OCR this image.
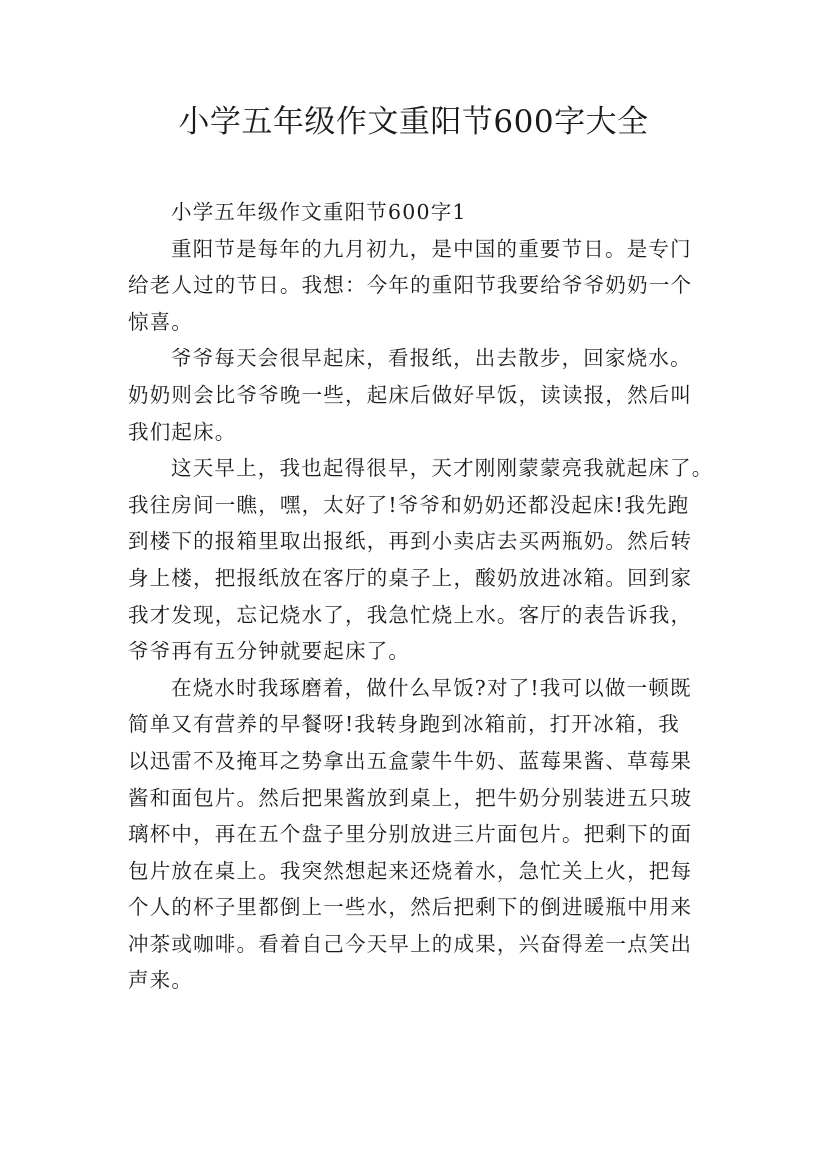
小学五年级作文重阳节600字大全
小学五年级作文重阳节600字1
重阳节是每年的九月初九，是中国的重要节日。是专门
给老人过的节日。我想：今年的重阳节我要给爷爷奶奶一个
惊喜。
爷爷每天会很早起床，看报纸，出去散步，回家烧水。
奶奶则会比爷爷晚一些，起床后做好早饭，读读报，然后叫
我们起床。
这天早上，我也起得很早，天才刚刚蒙蒙亮我就起床了。
我往房间一瞧，嘿，太好了!爷爷和奶奶还都没起床!我先跑
到楼下的报箱里取出报纸，再到小卖店去买两瓶奶。然后转
身上楼，把报纸放在客厅的桌子上，酸奶放进冰箱。回到家
我才发现，忘记烧水了，我急忙烧上水。客厅的表告诉我，
爷爷再有五分钟就要起床了。
在烧水时我琢磨着，做什么早饭?对了!我可以做一顿既
简单又有营养的早餐呀!我转身跑到冰箱前，打开冰箱，我
以迅雷不及掩耳之势拿出五盒蒙牛牛奶、蓝莓果酱、草莓果
酱和面包片。然后把果酱放到桌上，把牛奶分别装进五只玻
璃杯中，再在五个盘子里分别放进三片面包片。把剩下的面
包片放在桌上。我突然想起来还烧着水，急忙关上火，把每
个人的杯子里都倒上一些水，然后把剩下的倒进暖瓶中用来
冲茶或咖啡。看着自己今天早上的成果，兴奋得差一点笑出
声来。
